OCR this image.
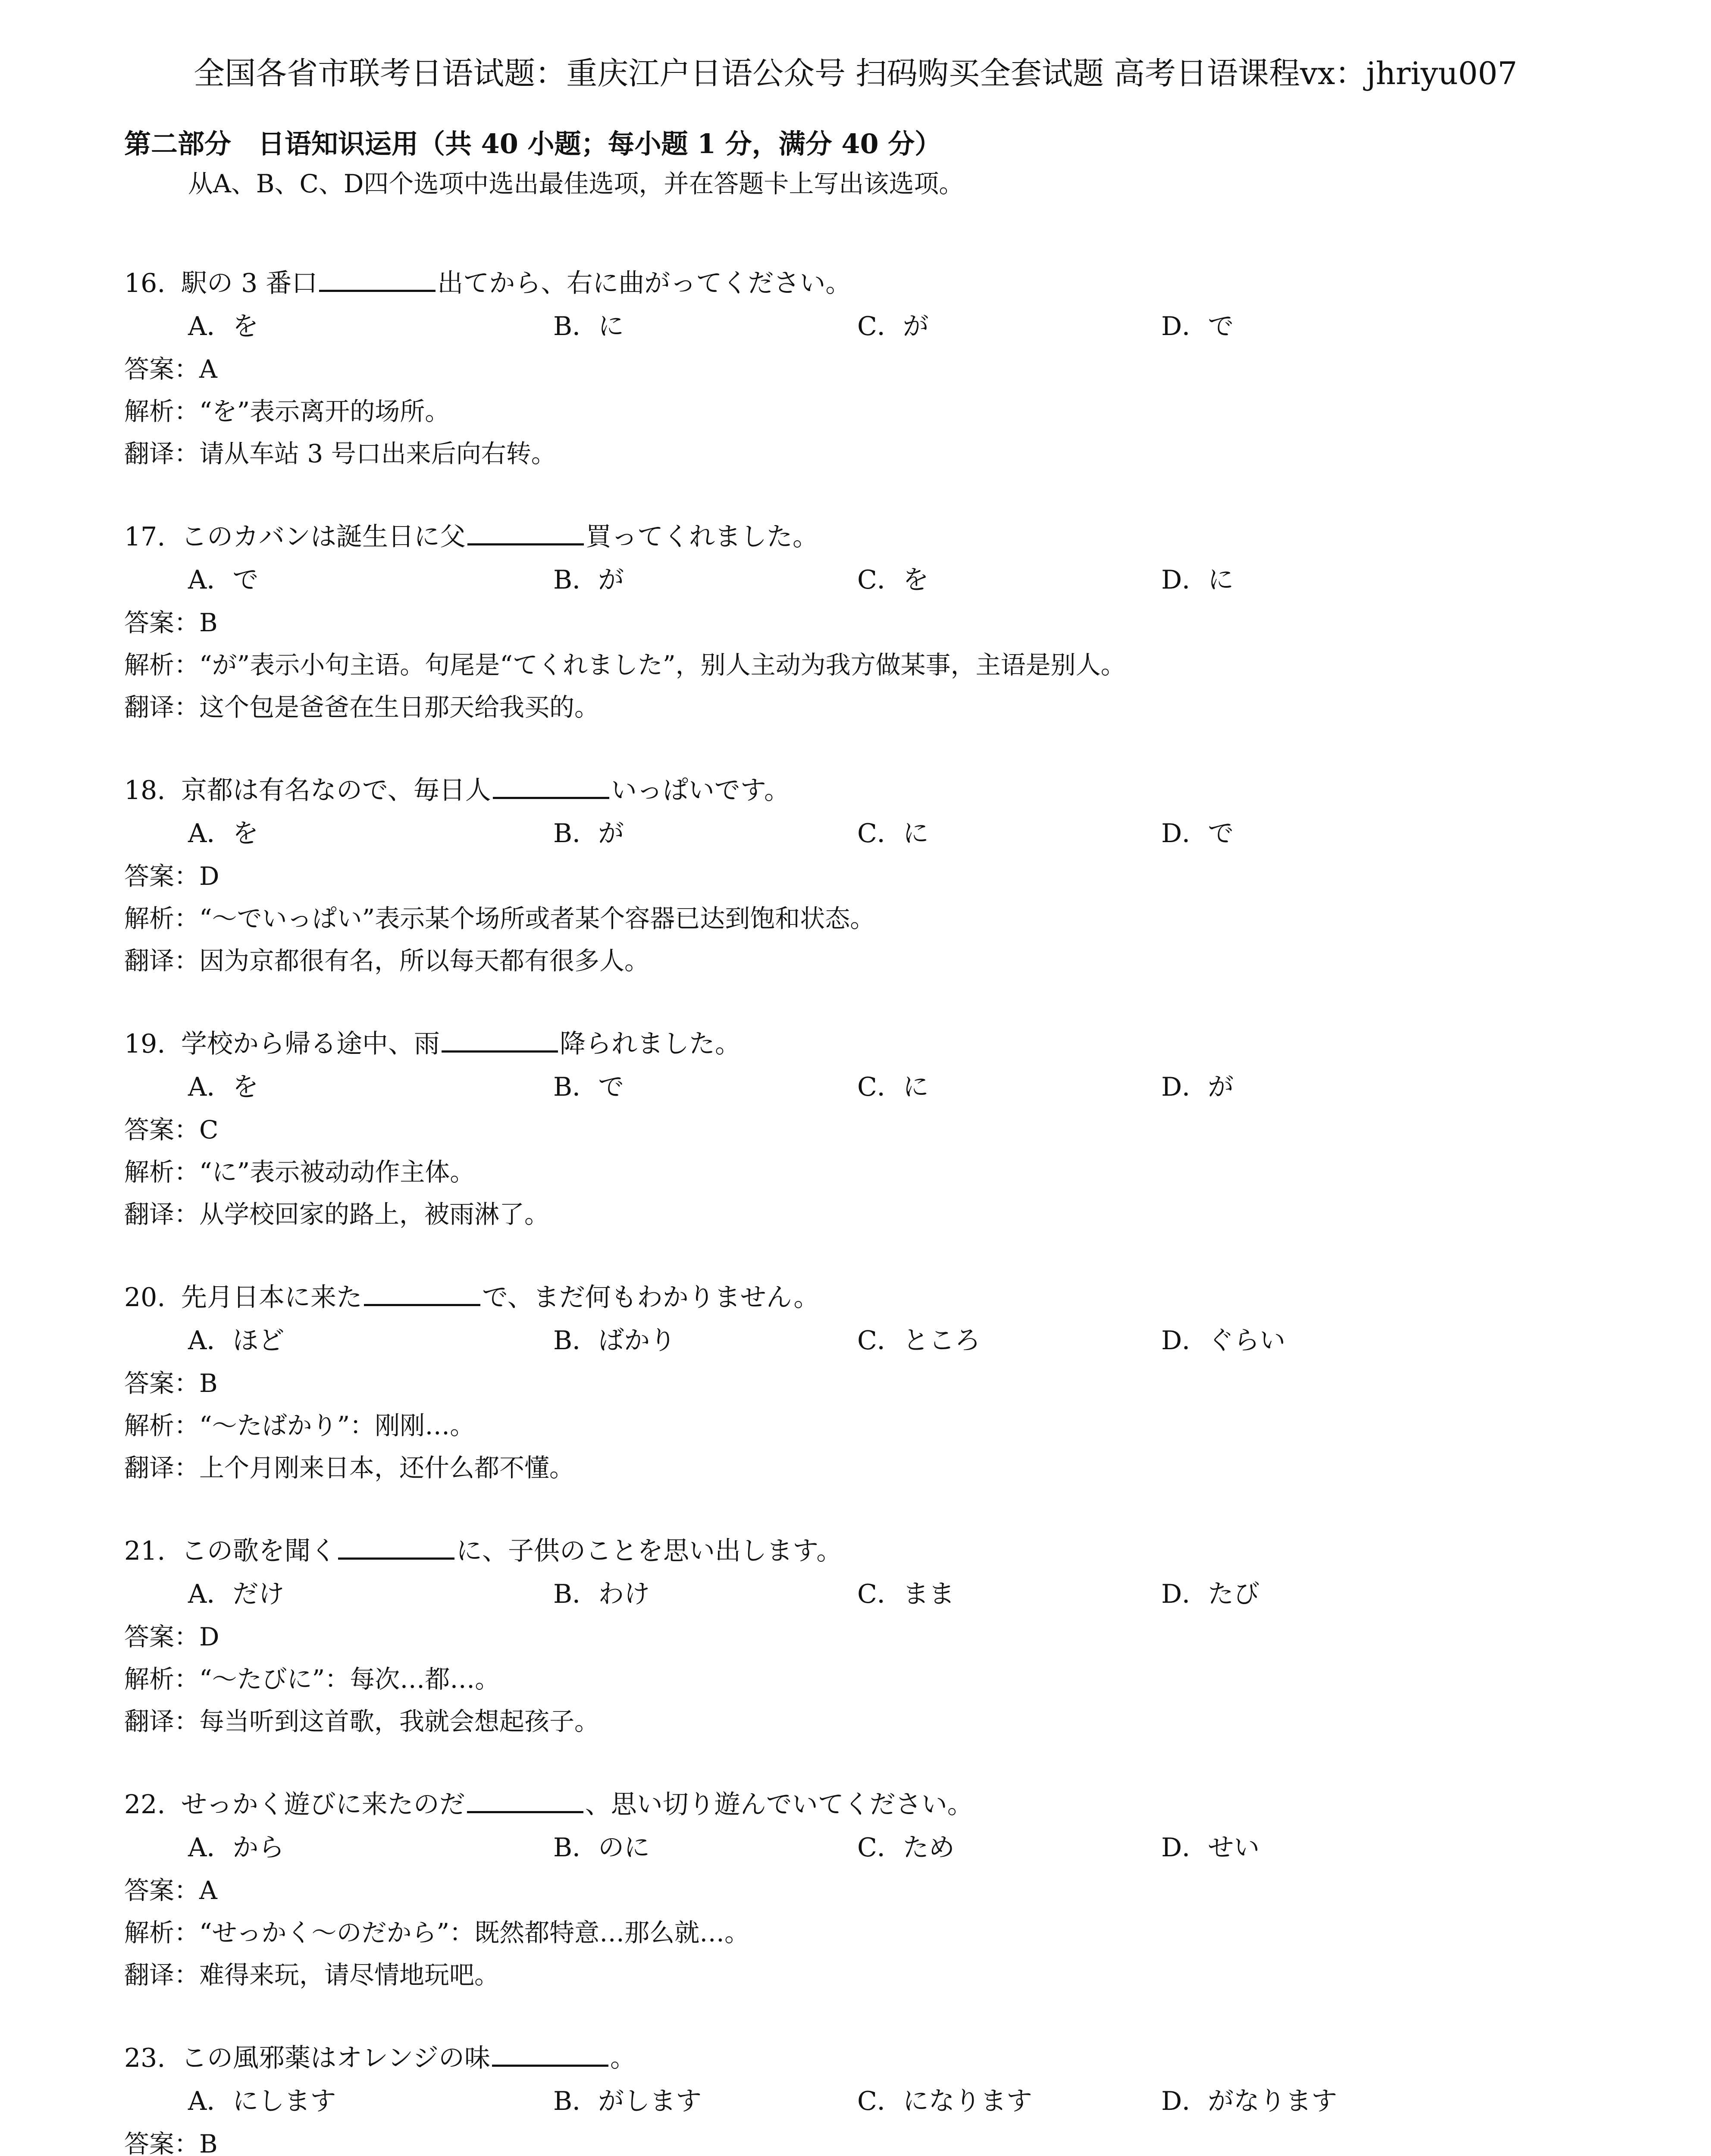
全国各省市联考日语试题：重庆江户日语公众号 扫码购买全套试题 高考日语课程vx：jhriyu007
第二部分　日语知识运用（共 40 小题；每小题 1 分，满分 40 分）
从A、B、C、D四个选项中选出最佳选项，并在答题卡上写出该选项。
16. 駅の 3 番口	出てから、右に曲がってください。
A．を	B．に	C．が	D．で
答案：A
解析：“を”表示离开的场所。
翻译：请从车站 3 号口出来后向右转。
17. このカバンは誕生日に父	買ってくれました。
A．で	B．が	C．を	D．に
答案：B
解析：“が”表示小句主语。句尾是“てくれました”，别人主动为我方做某事，主语是别人。
翻译：这个包是爸爸在生日那天给我买的。
18. 京都は有名なので、毎日人	いっぱいです。
A．を	B．が	C．に	D．で
答案：D
解析：“～でいっぱい”表示某个场所或者某个容器已达到饱和状态。
翻译：因为京都很有名，所以每天都有很多人。
19. 学校から帰る途中、雨	降られました。
A．を	B．で	C．に	D．が
答案：C
解析：“に”表示被动动作主体。
翻译：从学校回家的路上，被雨淋了。
20. 先月日本に来た	で、まだ何もわかりません。
A．ほど	B．ばかり	C．ところ	D．ぐらい
答案：B
解析：“～たばかり”：刚刚…。
翻译：上个月刚来日本，还什么都不懂。
21. この歌を聞く	に、子供のことを思い出します。
A．だけ	B．わけ	C．まま	D．たび
答案：D
解析：“～たびに”：每次…都…。
翻译：每当听到这首歌，我就会想起孩子。
22. せっかく遊びに来たのだ	、思い切り遊んでいてください。
A．から	B．のに	C．ため	D．せい
答案：A
解析：“せっかく～のだから”：既然都特意…那么就…。
翻译：难得来玩，请尽情地玩吧。
23. この風邪薬はオレンジの味	。
A．にします	B．がします	C．になります	D．がなります
答案：B
